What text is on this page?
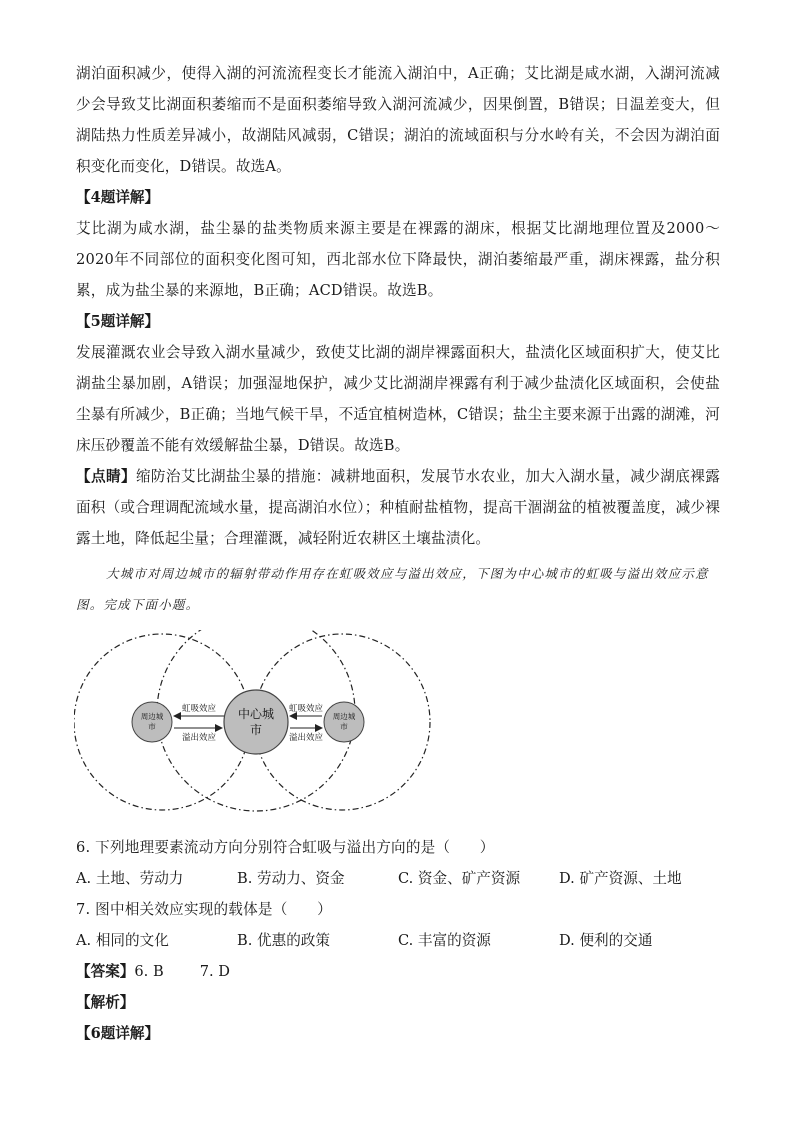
湖泊面积减少，使得入湖的河流流程变长才能流入湖泊中，A正确；艾比湖是咸水湖，入湖河流减少会导致艾比湖面积萎缩而不是面积萎缩导致入湖河流减少，因果倒置，B错误；日温差变大，但湖陆热力性质差异减小，故湖陆风减弱，C错误；湖泊的流域面积与分水岭有关，不会因为湖泊面积变化而变化，D错误。故选A。

【4题详解】

艾比湖为咸水湖，盐尘暴的盐类物质来源主要是在裸露的湖床，根据艾比湖地理位置及2000～2020年不同部位的面积变化图可知，西北部水位下降最快，湖泊萎缩最严重，湖床裸露，盐分积累，成为盐尘暴的来源地，B正确；ACD错误。故选B。

【5题详解】

发展灌溉农业会导致入湖水量减少，致使艾比湖的湖岸裸露面积大，盐渍化区域面积扩大，使艾比湖盐尘暴加剧，A错误；加强湿地保护，减少艾比湖湖岸裸露有利于减少盐渍化区域面积，会使盐尘暴有所减少，B正确；当地气候干旱，不适宜植树造林，C错误；盐尘主要来源于出露的湖滩，河床压砂覆盖不能有效缓解盐尘暴，D错误。故选B。

【点睛】缩防治艾比湖盐尘暴的措施：减耕地面积，发展节水农业，加大入湖水量，减少湖底裸露面积（或合理调配流域水量，提高湖泊水位）；种植耐盐植物，提高干涸湖盆的植被覆盖度，减少裸露土地，降低起尘量；合理灌溉，减轻附近农耕区土壤盐渍化。

大城市对周边城市的辐射带动作用存在虹吸效应与溢出效应，下图为中心城市的虹吸与溢出效应示意图。完成下面小题。

周边城市
中心城市
周边城市
虹吸效应
溢出效应
虹吸效应
溢出效应

6. 下列地理要素流动方向分别符合虹吸与溢出方向的是（　　）

A. 土地、劳动力	B. 劳动力、资金	C. 资金、矿产资源	D. 矿产资源、土地

7. 图中相关效应实现的载体是（　　）

A. 相同的文化	B. 优惠的政策	C. 丰富的资源	D. 便利的交通

【答案】6. B 7. D

【解析】

【6题详解】
